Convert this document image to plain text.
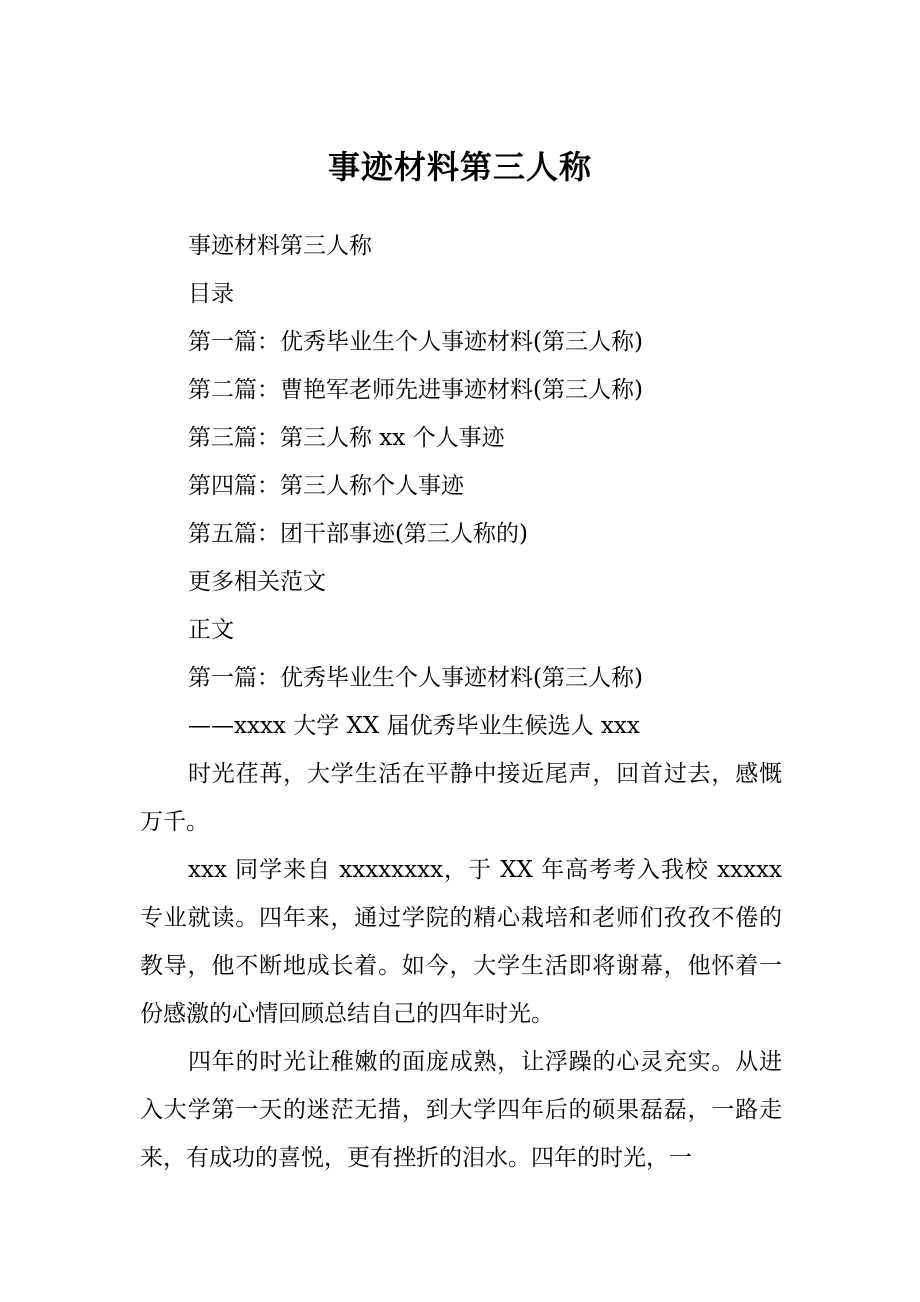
事迹材料第三人称

事迹材料第三人称

目录

第一篇：优秀毕业生个人事迹材料(第三人称)

第二篇：曹艳军老师先进事迹材料(第三人称)

第三篇：第三人称 xx 个人事迹

第四篇：第三人称个人事迹

第五篇：团干部事迹(第三人称的)

更多相关范文

正文

第一篇：优秀毕业生个人事迹材料(第三人称)

——xxxx 大学 XX 届优秀毕业生候选人 xxx

时光荏苒，大学生活在平静中接近尾声，回首过去，感慨万千。

xxx 同学来自 xxxxxxxx，于 XX 年高考考入我校 xxxxx 专业就读。四年来，通过学院的精心栽培和老师们孜孜不倦的教导，他不断地成长着。如今，大学生活即将谢幕，他怀着一份感激的心情回顾总结自己的四年时光。

四年的时光让稚嫩的面庞成熟，让浮躁的心灵充实。从进入大学第一天的迷茫无措，到大学四年后的硕果磊磊，一路走来，有成功的喜悦，更有挫折的泪水。四年的时光，一
